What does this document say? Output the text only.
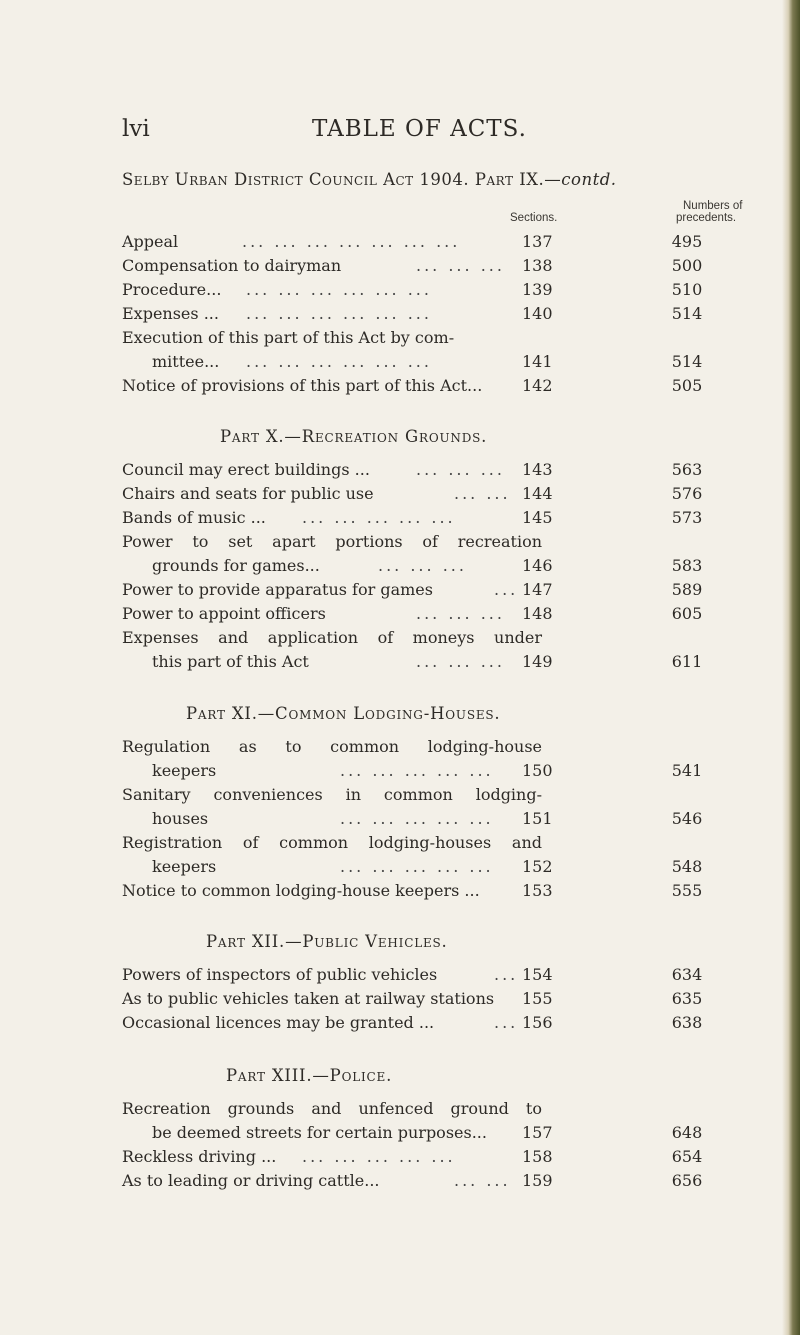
lvi	TABLE OF ACTS.
Selby Urban District Council Act 1904. Part IX.—contd.
Sections.
Numbers of
precedents.
Appeal	... ... ... ... ... ... ...	137	495
Compensation to dairyman	... ... ... 138	500
Procedure... ... ... ... ... ... ...	139	510
Expenses ... ... ... ... ... ... ...	140	514
Execution of this part of this Act by com-
mittee... ... ... ... ... ... ...	141	514
Notice of provisions of this part of this Act... 142	505
Part X.—Recreation Grounds.
Council may erect buildings ...	... ... ... 143	563
Chairs and seats for public use	... ... 144	576
Bands of music ... ... ... ... ... ...	145	573
Power to set apart portions of recreation
grounds for games...	... ... ...	146	583
Power to provide apparatus for games	... 147	589
Power to appoint officers	... ... ... 148	605
Expenses and application of moneys under
this part of this Act	... ... ... 149	611
Part XI.—Common Lodging-Houses.
Regulation as to common lodging-house
keepers	... ... ... ... ... 150	541
Sanitary conveniences in common lodging-
houses	... ... ... ... ... 151	546
Registration of common lodging-houses and
keepers	... ... ... ... ... 152	548
Notice to common lodging-house keepers ...	153	555
Part XII.—Public Vehicles.
Powers of inspectors of public vehicles	... 154	634
As to public vehicles taken at railway stations 155	635
Occasional licences may be granted ...	... 156	638
Part XIII.—Police.
Recreation grounds and unfenced ground to
be deemed streets for certain purposes... 157	648
Reckless driving ... ... ... ... ... ...	158	654
As to leading or driving cattle...	... ... 159	656
